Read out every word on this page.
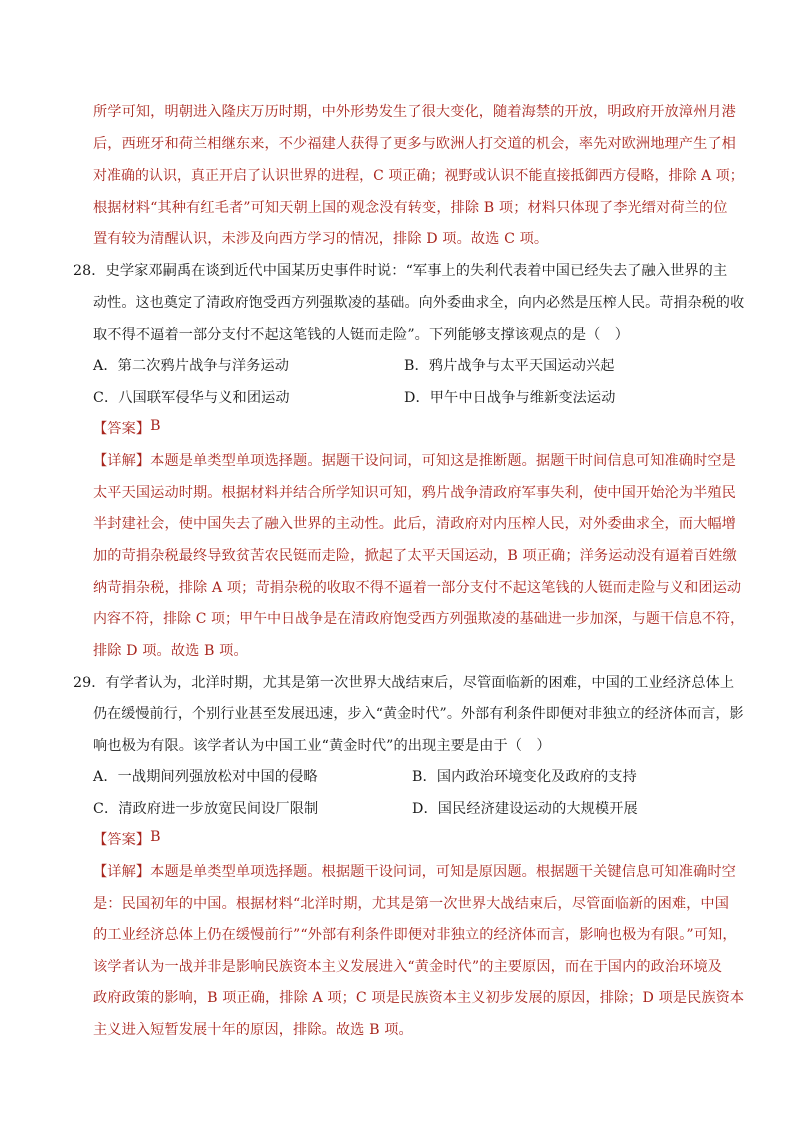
所学可知，明朝进入隆庆万历时期，中外形势发生了很大变化，随着海禁的开放，明政府开放漳州月港
后，西班牙和荷兰相继东来，不少福建人获得了更多与欧洲人打交道的机会，率先对欧洲地理产生了相
对准确的认识，真正开启了认识世界的进程，C 项正确；视野或认识不能直接抵御西方侵略，排除 A 项；
根据材料“其种有红毛者”可知天朝上国的观念没有转变，排除 B 项；材料只体现了李光缙对荷兰的位
置有较为清醒认识，未涉及向西方学习的情况，排除 D 项。故选 C 项。
28．史学家邓嗣禹在谈到近代中国某历史事件时说：“军事上的失利代表着中国已经失去了融入世界的主
动性。这也奠定了清政府饱受西方列强欺凌的基础。向外委曲求全，向内必然是压榨人民。苛捐杂税的收
取不得不逼着一部分支付不起这笔钱的人铤而走险”。下列能够支撑该观点的是（　）
A．第二次鸦片战争与洋务运动	B．鸦片战争与太平天国运动兴起
C．八国联军侵华与义和团运动	D．甲午中日战争与维新变法运动
【答案】 B
【详解】 本题是单类型单项选择题。据题干设问词，可知这是推断题。据题干时间信息可知准确时空是
太平天国运动时期。根据材料并结合所学知识可知，鸦片战争清政府军事失利，使中国开始沦为半殖民
半封建社会，使中国失去了融入世界的主动性。此后，清政府对内压榨人民，对外委曲求全，而大幅增
加的苛捐杂税最终导致贫苦农民铤而走险，掀起了太平天国运动，B 项正确；洋务运动没有逼着百姓缴
纳苛捐杂税，排除 A 项；苛捐杂税的收取不得不逼着一部分支付不起这笔钱的人铤而走险与义和团运动
内容不符，排除 C 项；甲午中日战争是在清政府饱受西方列强欺凌的基础进一步加深，与题干信息不符，
排除 D 项。故选 B 项。
29．有学者认为，北洋时期，尤其是第一次世界大战结束后，尽管面临新的困难，中国的工业经济总体上
仍在缓慢前行，个别行业甚至发展迅速，步入“黄金时代”。外部有利条件即便对非独立的经济体而言，影
响也极为有限。该学者认为中国工业“黄金时代”的出现主要是由于（　）
A．一战期间列强放松对中国的侵略	B．国内政治环境变化及政府的支持
C．清政府进一步放宽民间设厂限制	D．国民经济建设运动的大规模开展
【答案】 B
【详解】 本题是单类型单项选择题。根据题干设问词，可知是原因题。根据题干关键信息可知准确时空
是：民国初年的中国。根据材料“北洋时期，尤其是第一次世界大战结束后，尽管面临新的困难，中国
的工业经济总体上仍在缓慢前行” “外部有利条件即便对非独立的经济体而言，影响也极为有限。” 可知，
该学者认为一战并非是影响民族资本主义发展进入 “黄金时代” 的主要原因，而在于国内的政治环境及
政府政策的影响，B 项正确，排除 A 项；C 项是民族资本主义初步发展的原因，排除；D 项是民族资本
主义进入短暂发展十年的原因，排除。故选 B 项。
